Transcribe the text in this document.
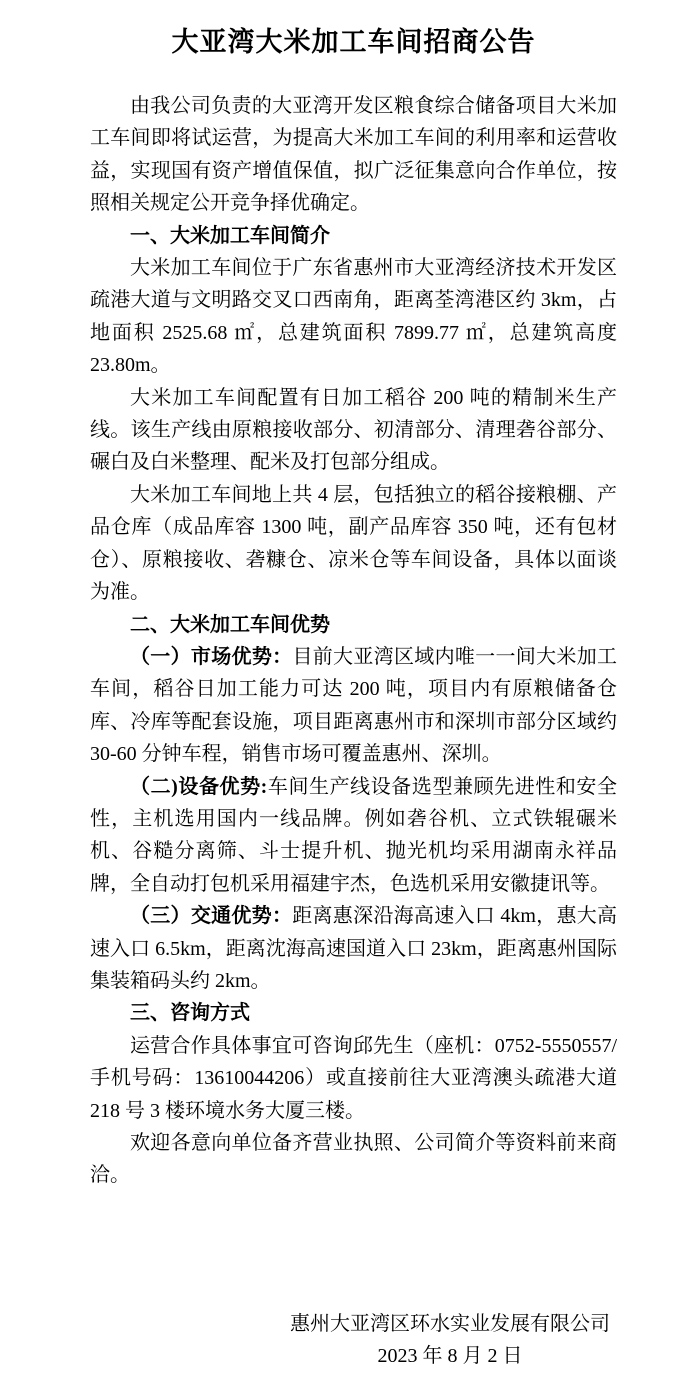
大亚湾大米加工车间招商公告

由我公司负责的大亚湾开发区粮食综合储备项目大米加工车间即将试运营，为提高大米加工车间的利用率和运营收益，实现国有资产增值保值，拟广泛征集意向合作单位，按照相关规定公开竞争择优确定。

一、大米加工车间简介

大米加工车间位于广东省惠州市大亚湾经济技术开发区疏港大道与文明路交叉口西南角，距离荃湾港区约 3km，占地面积 2525.68 ㎡，总建筑面积 7899.77 ㎡，总建筑高度 23.80m。

大米加工车间配置有日加工稻谷 200 吨的精制米生产线。该生产线由原粮接收部分、初清部分、清理砻谷部分、碾白及白米整理、配米及打包部分组成。

大米加工车间地上共 4 层，包括独立的稻谷接粮棚、产品仓库（成品库容 1300 吨，副产品库容 350 吨，还有包材仓）、原粮接收、砻糠仓、凉米仓等车间设备，具体以面谈为准。

二、大米加工车间优势

（一）市场优势：目前大亚湾区域内唯一一间大米加工车间，稻谷日加工能力可达 200 吨，项目内有原粮储备仓库、冷库等配套设施，项目距离惠州市和深圳市部分区域约 30-60 分钟车程，销售市场可覆盖惠州、深圳。

（二)设备优势:车间生产线设备选型兼顾先进性和安全性，主机选用国内一线品牌。例如砻谷机、立式铁辊碾米机、谷糙分离筛、斗士提升机、抛光机均采用湖南永祥品牌，全自动打包机采用福建宇杰，色选机采用安徽捷讯等。

（三）交通优势：距离惠深沿海高速入口 4km，惠大高速入口 6.5km，距离沈海高速国道入口 23km，距离惠州国际集装箱码头约 2km。

三、咨询方式

运营合作具体事宜可咨询邱先生（座机：0752-5550557/手机号码：13610044206）或直接前往大亚湾澳头疏港大道 218 号 3 楼环境水务大厦三楼。

欢迎各意向单位备齐营业执照、公司简介等资料前来商洽。

惠州大亚湾区环水实业发展有限公司
2023 年 8 月 2 日
